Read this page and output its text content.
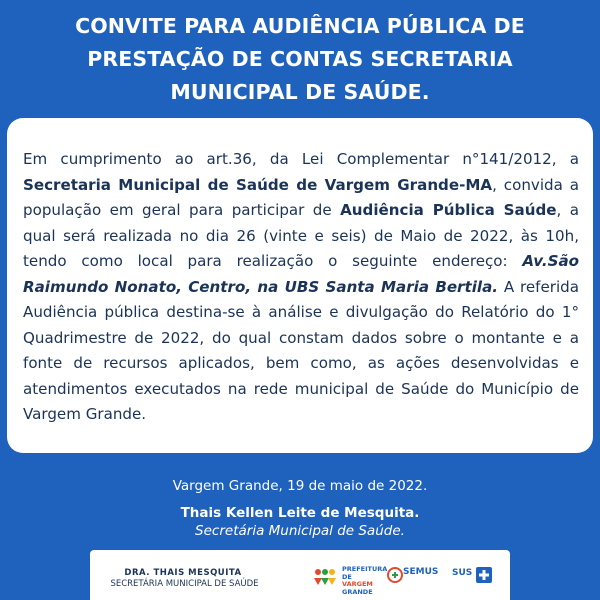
CONVITE PARA AUDIÊNCIA PÚBLICA DE
PRESTAÇÃO DE CONTAS SECRETARIA
MUNICIPAL DE SAÚDE.
Em cumprimento ao art.36, da Lei Complementar n°141/2012, a Secretaria Municipal de Saúde de Vargem Grande-MA, convida a população em geral para participar de Audiência Pública Saúde, a qual será realizada no dia 26 (vinte e seis) de Maio de 2022, às 10h, tendo como local para realização o seguinte endereço: Av.São Raimundo Nonato, Centro, na UBS Santa Maria Bertila. A referida Audiência pública destina-se à análise e divulgação do Relatório do 1° Quadrimestre de 2022, do qual constam dados sobre o montante e a fonte de recursos aplicados, bem como, as ações desenvolvidas e atendimentos executados na rede municipal de Saúde do Município de Vargem Grande.
Vargem Grande, 19 de maio de 2022.
Thais Kellen Leite de Mesquita.
Secretária Municipal de Saúde.
DRA. THAIS MESQUITA
SECRETÁRIA MUNICIPAL DE SAÚDE
PREFEITURA DE
VARGEM
GRANDE
SEMUS SUS
